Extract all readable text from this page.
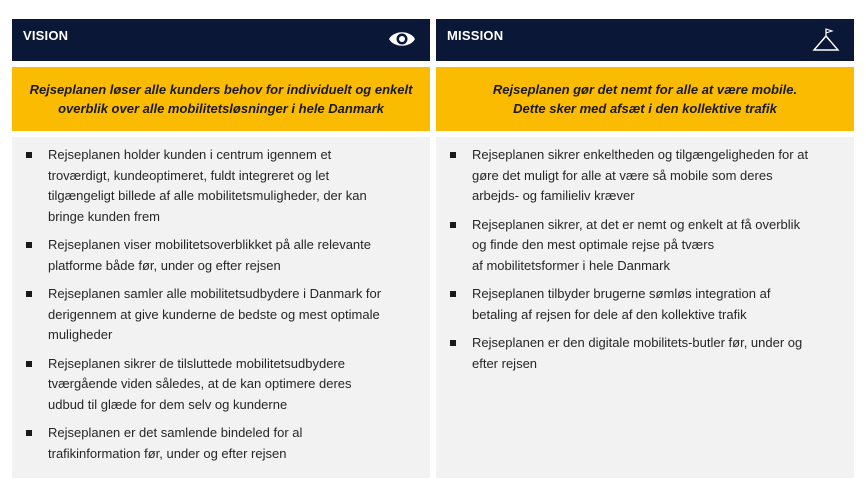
VISION
Rejseplanen løser alle kunders behov for individuelt og enkelt
overblik over alle mobilitetsløsninger i hele Danmark
Rejseplanen holder kunden i centrum igennem et
troværdigt, kundeoptimeret, fuldt integreret og let
tilgængeligt billede af alle mobilitetsmuligheder, der kan
bringe kunden frem
Rejseplanen viser mobilitetsoverblikket på alle relevante
platforme både før, under og efter rejsen
Rejseplanen samler alle mobilitetsudbydere i Danmark for
derigennem at give kunderne de bedste og mest optimale
muligheder
Rejseplanen sikrer de tilsluttede mobilitetsudbydere
tværgående viden således, at de kan optimere deres
udbud til glæde for dem selv og kunderne
Rejseplanen er det samlende bindeled for al
trafikinformation før, under og efter rejsen
MISSION
Rejseplanen gør det nemt for alle at være mobile.
Dette sker med afsæt i den kollektive trafik
Rejseplanen sikrer enkeltheden og tilgængeligheden for at
gøre det muligt for alle at være så mobile som deres
arbejds- og familieliv kræver
Rejseplanen sikrer, at det er nemt og enkelt at få overblik
og finde den mest optimale rejse på tværs
af mobilitetsformer i hele Danmark
Rejseplanen tilbyder brugerne sømløs integration af
betaling af rejsen for dele af den kollektive trafik
Rejseplanen er den digitale mobilitets-butler før, under og
efter rejsen
